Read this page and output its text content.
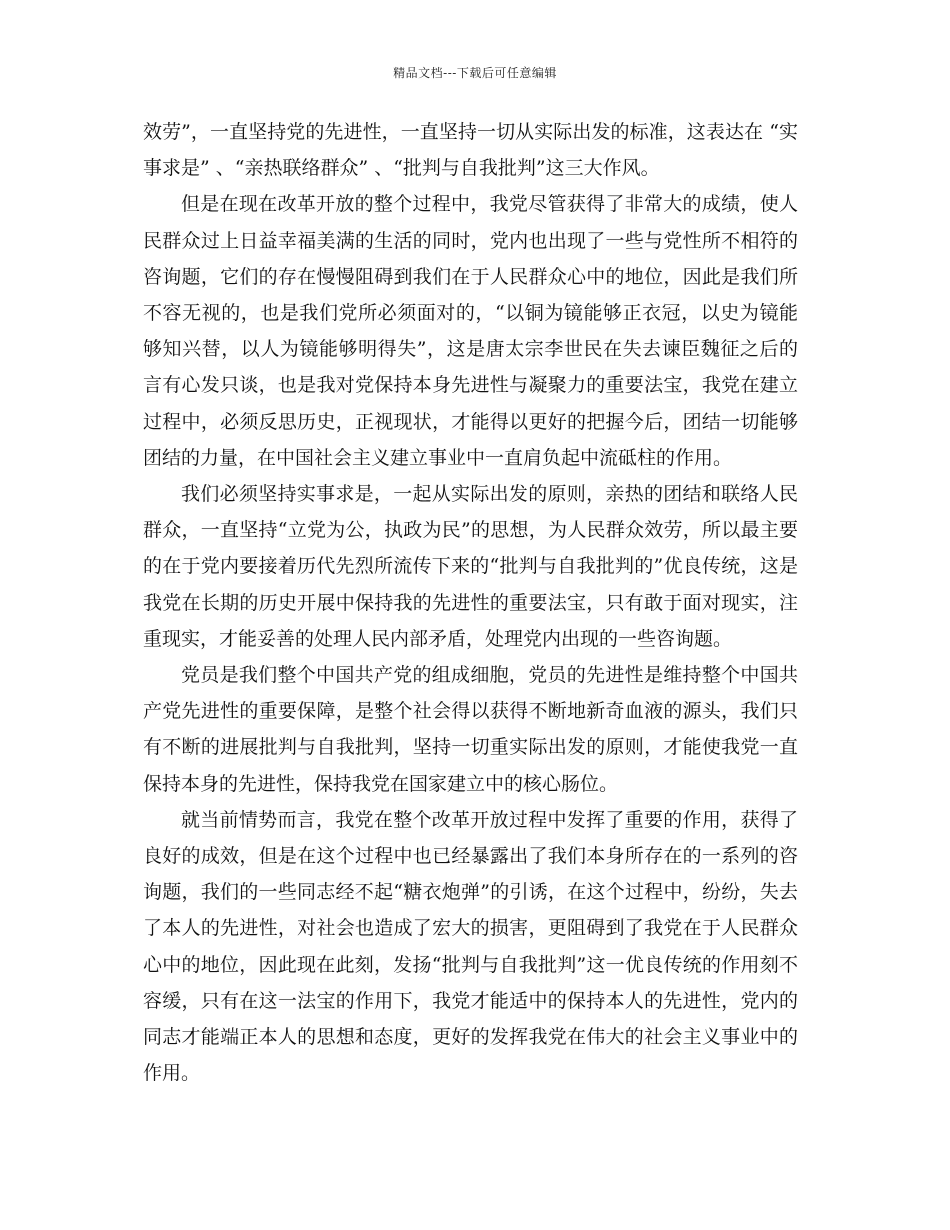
精品文档---下载后可任意编辑

效劳”，一直坚持党的先进性，一直坚持一切从实际出发的标准，这表达在 “实事求是” 、“亲热联络群众” 、“批判与自我批判”这三大作风。

但是在现在改革开放的整个过程中，我党尽管获得了非常大的成绩，使人民群众过上日益幸福美满的生活的同时，党内也出现了一些与党性所不相符的咨询题，它们的存在慢慢阻碍到我们在于人民群众心中的地位，因此是我们所不容无视的，也是我们党所必须面对的，“以铜为镜能够正衣冠，以史为镜能够知兴替，以人为镜能够明得失”，这是唐太宗李世民在失去谏臣魏征之后的言有心发只谈，也是我对党保持本身先进性与凝聚力的重要法宝，我党在建立过程中，必须反思历史，正视现状，才能得以更好的把握今后，团结一切能够团结的力量，在中国社会主义建立事业中一直肩负起中流砥柱的作用。

我们必须坚持实事求是，一起从实际出发的原则，亲热的团结和联络人民群众，一直坚持“立党为公，执政为民”的思想，为人民群众效劳，所以最主要的在于党内要接着历代先烈所流传下来的“批判与自我批判的”优良传统，这是我党在长期的历史开展中保持我的先进性的重要法宝，只有敢于面对现实，注重现实，才能妥善的处理人民内部矛盾，处理党内出现的一些咨询题。

党员是我们整个中国共产党的组成细胞，党员的先进性是维持整个中国共产党先进性的重要保障，是整个社会得以获得不断地新奇血液的源头，我们只有不断的进展批判与自我批判，坚持一切重实际出发的原则，才能使我党一直保持本身的先进性，保持我党在国家建立中的核心肠位。

就当前情势而言，我党在整个改革开放过程中发挥了重要的作用，获得了良好的成效，但是在这个过程中也已经暴露出了我们本身所存在的一系列的咨询题，我们的一些同志经不起“糖衣炮弹”的引诱，在这个过程中，纷纷，失去了本人的先进性，对社会也造成了宏大的损害，更阻碍到了我党在于人民群众心中的地位，因此现在此刻，发扬“批判与自我批判”这一优良传统的作用刻不容缓，只有在这一法宝的作用下，我党才能适中的保持本人的先进性，党内的同志才能端正本人的思想和态度，更好的发挥我党在伟大的社会主义事业中的作用。
